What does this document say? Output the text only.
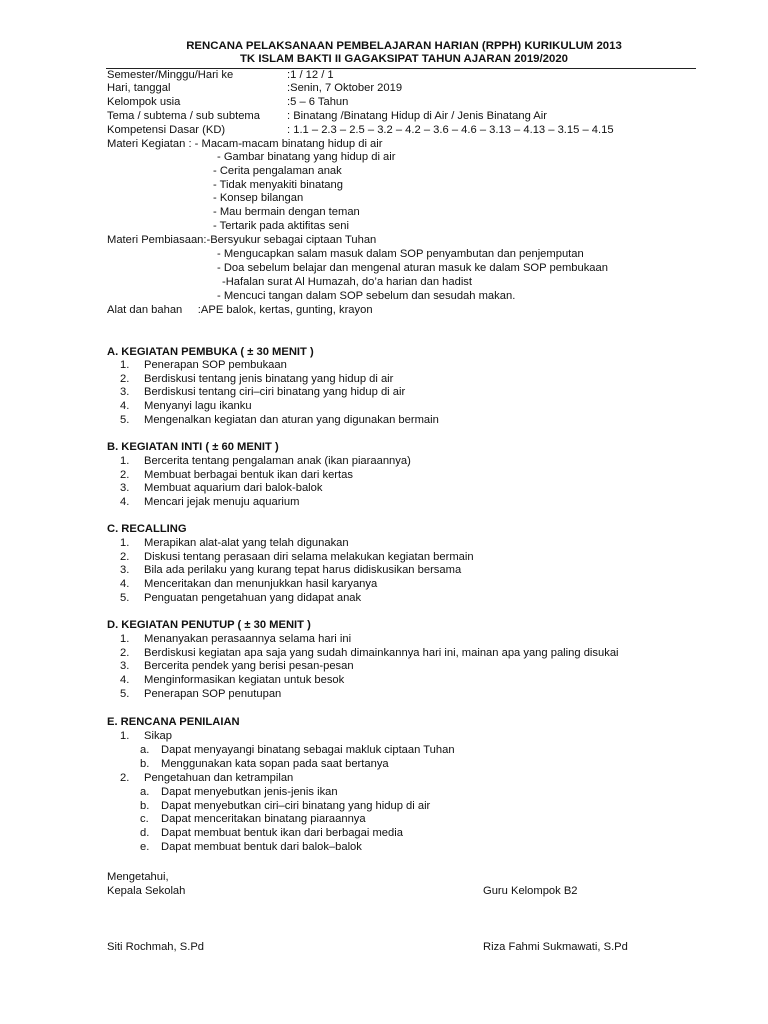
RENCANA PELAKSANAAN PEMBELAJARAN HARIAN (RPPH) KURIKULUM 2013
TK ISLAM BAKTI II GAGAKSIPAT TAHUN AJARAN 2019/2020
Semester/Minggu/Hari ke	:1 / 12 / 1
Hari, tanggal	:Senin, 7 Oktober 2019
Kelompok usia	:5 – 6 Tahun
Tema / subtema / sub subtema : Binatang /Binatang Hidup di Air / Jenis Binatang Air
Kompetensi Dasar (KD)	: 1.1 – 2.3 – 2.5 – 3.2 – 4.2 – 3.6 – 4.6 – 3.13 – 4.13 – 3.15 – 4.15
Materi Kegiatan : - Macam-macam binatang hidup di air
- Gambar binatang yang hidup di air
- Cerita pengalaman anak
- Tidak menyakiti binatang
- Konsep bilangan
- Mau bermain dengan teman
- Tertarik pada aktifitas seni
Materi Pembiasaan:-Bersyukur sebagai ciptaan Tuhan
- Mengucapkan salam masuk dalam SOP penyambutan dan penjemputan
- Doa sebelum belajar dan mengenal aturan masuk ke dalam SOP pembukaan
-Hafalan surat Al Humazah, do’a harian dan hadist
- Mencuci tangan dalam SOP sebelum dan sesudah makan.
Alat dan bahan     :APE balok, kertas, gunting, krayon
A. KEGIATAN PEMBUKA ( ± 30 MENIT )
1. Penerapan SOP pembukaan
2. Berdiskusi tentang jenis binatang yang hidup di air
3. Berdiskusi tentang ciri–ciri binatang yang hidup di air
4. Menyanyi lagu ikanku
5. Mengenalkan kegiatan dan aturan yang digunakan bermain
B. KEGIATAN INTI ( ± 60 MENIT )
1. Bercerita tentang pengalaman anak (ikan piaraannya)
2. Membuat berbagai bentuk ikan dari kertas
3. Membuat aquarium dari balok-balok
4. Mencari jejak menuju aquarium
C. RECALLING
1. Merapikan alat-alat yang telah digunakan
2. Diskusi tentang perasaan diri selama melakukan kegiatan bermain
3. Bila ada perilaku yang kurang tepat harus didiskusikan bersama
4. Menceritakan dan menunjukkan hasil karyanya
5. Penguatan pengetahuan yang didapat anak
D. KEGIATAN PENUTUP ( ± 30 MENIT )
1. Menanyakan perasaannya selama hari ini
2. Berdiskusi kegiatan apa saja yang sudah dimainkannya hari ini, mainan apa yang paling disukai
3. Bercerita pendek yang berisi pesan-pesan
4. Menginformasikan kegiatan untuk besok
5. Penerapan SOP penutupan
E. RENCANA PENILAIAN
1. Sikap
a. Dapat menyayangi binatang sebagai makluk ciptaan Tuhan
b. Menggunakan kata sopan pada saat bertanya
2. Pengetahuan dan ketrampilan
a. Dapat menyebutkan jenis-jenis ikan
b. Dapat menyebutkan ciri–ciri binatang yang hidup di air
c. Dapat menceritakan binatang piaraannya
d. Dapat membuat bentuk ikan dari berbagai media
e. Dapat membuat bentuk dari balok–balok
Mengetahui,
Kepala Sekolah	Guru Kelompok B2
Siti Rochmah, S.Pd	Riza Fahmi Sukmawati, S.Pd
